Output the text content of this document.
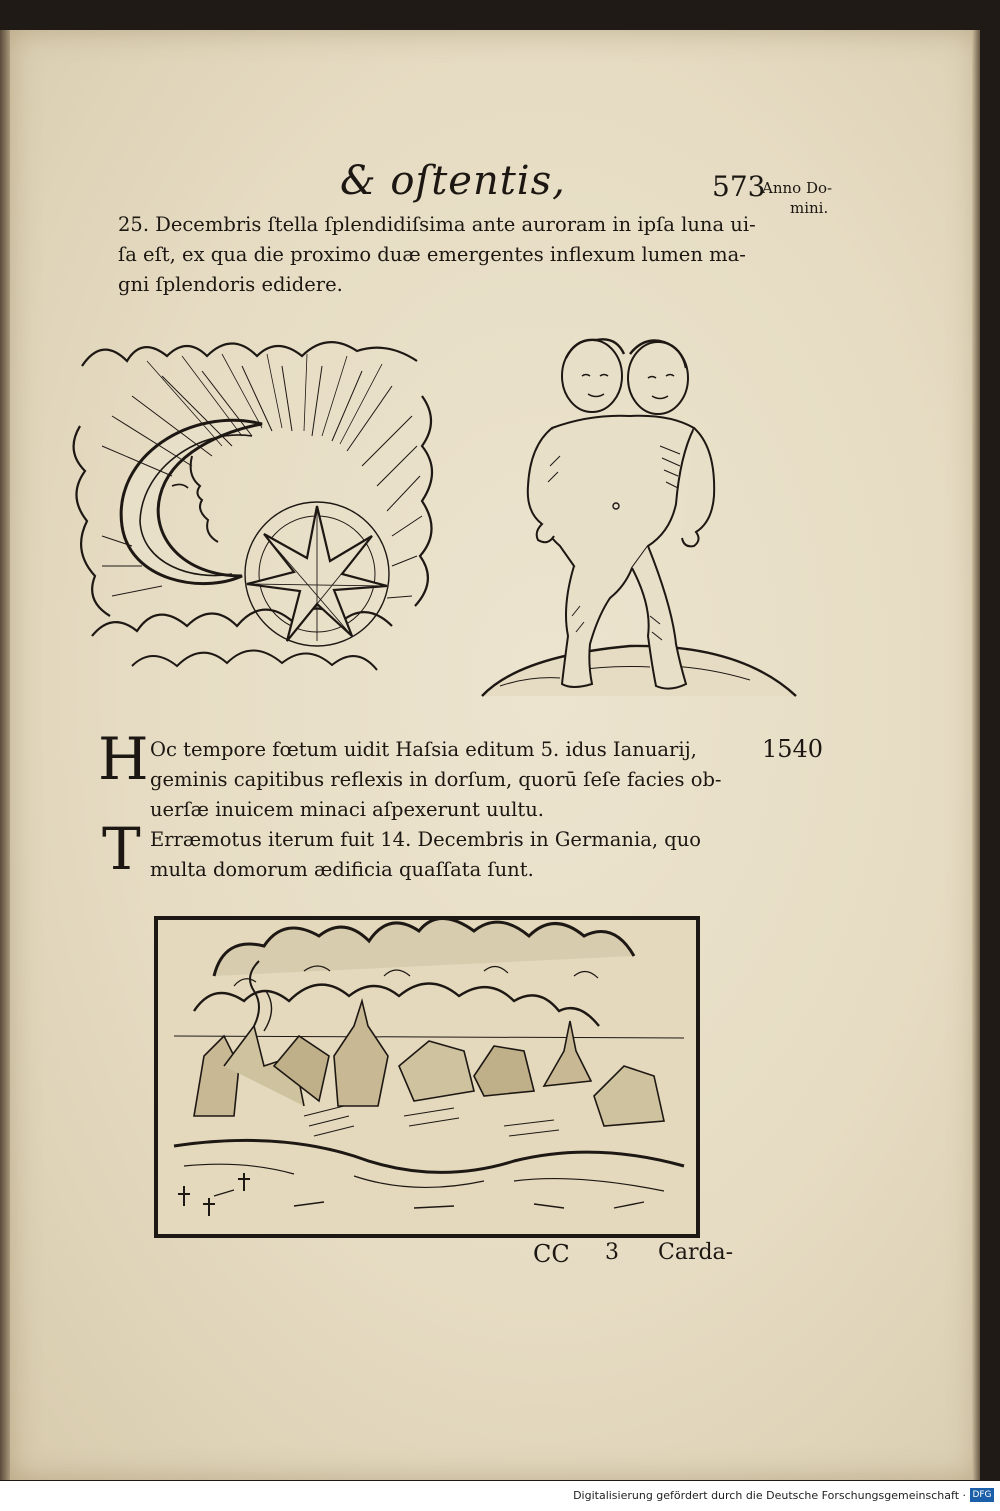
& oſtentis,	573
Anno Do-
mini.
25. Decembris ſtella ſplendidiſsima ante auroram in ipſa luna ui-
ſa eſt, ex qua die proximo duæ emergentes inflexum lumen ma-
gni ſplendoris edidere.
H Oc tempore fœtum uidit Haſsia editum 5. idus Ianuarij,
geminis capitibus reflexis in dorſum, quorū ſeſe facies ob-
uerſæ inuicem minaci aſpexerunt uultu.
1540
T Erræmotus iterum fuit 14. Decembris in Germania, quo
multa domorum ædificia quaſſata ſunt.
CC 3 Carda-
Digitalisierung gefördert durch die Deutsche Forschungsgemeinschaft · DFG
